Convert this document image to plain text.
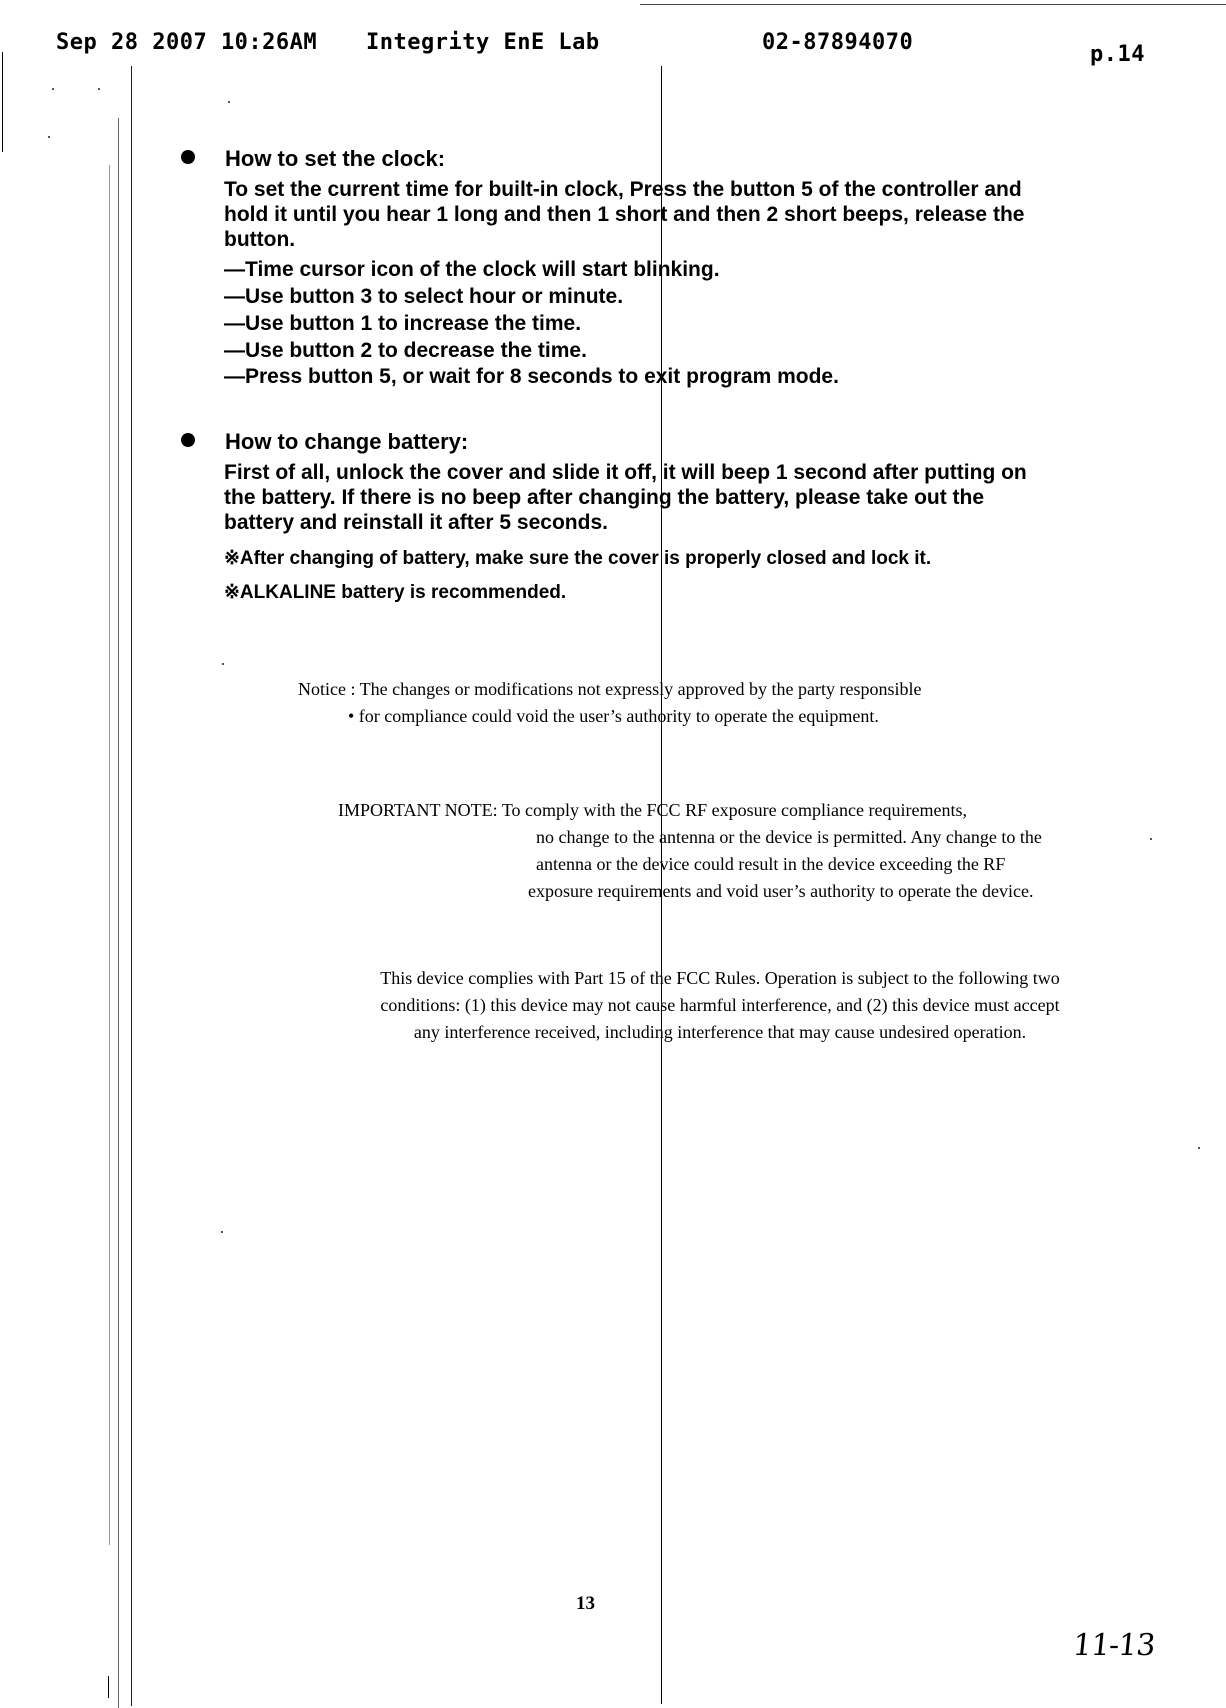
Sep 28 2007 10:26AM Integrity EnE Lab	02-87894070	p.14
How to set the clock:
To set the current time for built-in clock, Press the button 5 of the controller and
hold it until you hear 1 long and then 1 short and then 2 short beeps, release the
button.
—Time cursor icon of the clock will start blinking.
—Use button 3 to select hour or minute.
—Use button 1 to increase the time.
—Use button 2 to decrease the time.
—Press button 5, or wait for 8 seconds to exit program mode.
How to change battery:
First of all, unlock the cover and slide it off, it will beep 1 second after putting on
the battery. If there is no beep after changing the battery, please take out the
battery and reinstall it after 5 seconds.
※After changing of battery, make sure the cover is properly closed and lock it.
※ALKALINE battery is recommended.
Notice : The changes or modifications not expressly approved by the party responsible
• for compliance could void the user’s authority to operate the equipment.
IMPORTANT NOTE: To comply with the FCC RF exposure compliance requirements,
no change to the antenna or the device is permitted. Any change to the
antenna or the device could result in the device exceeding the RF
exposure requirements and void user’s authority to operate the device.
This device complies with Part 15 of the FCC Rules. Operation is subject to the following two
conditions: (1) this device may not cause harmful interference, and (2) this device must accept
any interference received, including interference that may cause undesired operation.
13
11-13
